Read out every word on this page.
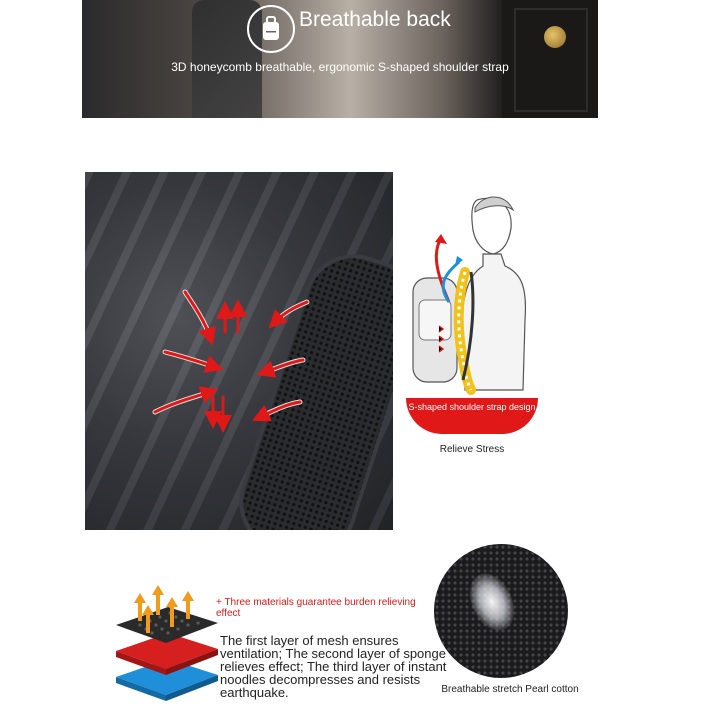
Breathable back
3D honeycomb breathable, ergonomic S-shaped shoulder strap
S-shaped shoulder strap design
Relieve Stress
+ Three materials guarantee burden relieving effect
The first layer of mesh ensures ventilation; The second layer of sponge relieves effect; The third layer of instant noodles decompresses and resists earthquake.	Breathable stretch Pearl cotton
